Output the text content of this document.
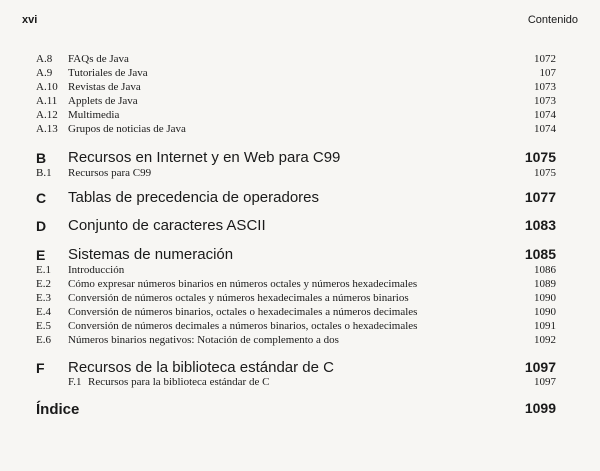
xvi	Contenido
A.8 FAQs de Java	1072
A.9 Tutoriales de Java	107
A.10 Revistas de Java	1073
A.11 Applets de Java	1073
A.12 Multimedia	1074
A.13 Grupos de noticias de Java	1074
B Recursos en Internet y en Web para C99	1075
B.1 Recursos para C99	1075
C Tablas de precedencia de operadores	1077
D Conjunto de caracteres ASCII	1083
E Sistemas de numeración	1085
E.1 Introducción	1086
E.2 Cómo expresar números binarios en números octales y números hexadecimales	1089
E.3 Conversión de números octales y números hexadecimales a números binarios	1090
E.4 Conversión de números binarios, octales o hexadecimales a números decimales	1090
E.5 Conversión de números decimales a números binarios, octales o hexadecimales	1091
E.6 Números binarios negativos: Notación de complemento a dos	1092
F Recursos de la biblioteca estándar de C	1097
F.1 Recursos para la biblioteca estándar de C	1097
Índice	1099
